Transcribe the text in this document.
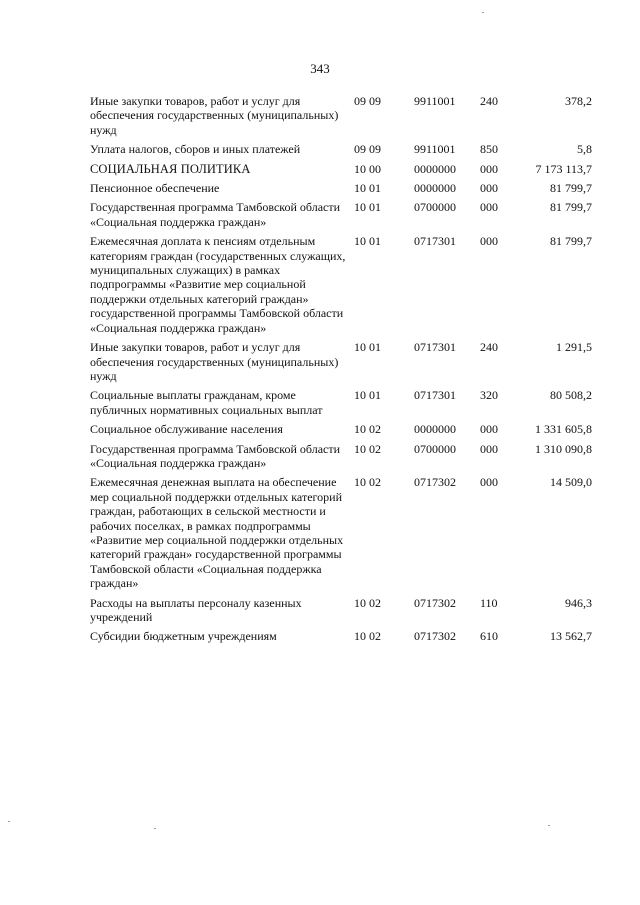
343
Иные закупки товаров, работ и услуг для обеспечения государственных (муниципальных) нужд	09 09	9911001	240	378,2
Уплата налогов, сборов и иных платежей	09 09	9911001	850	5,8
СОЦИАЛЬНАЯ ПОЛИТИКА	10 00	0000000	000	7 173 113,7
Пенсионное обеспечение	10 01	0000000	000	81 799,7
Государственная программа Тамбовской области «Социальная поддержка граждан»	10 01	0700000	000	81 799,7
Ежемесячная доплата к пенсиям отдельным категориям граждан (государственных служащих, муниципальных служащих) в рамках подпрограммы «Развитие мер социальной поддержки отдельных категорий граждан» государственной программы Тамбовской области «Социальная поддержка граждан»	10 01	0717301	000	81 799,7
Иные закупки товаров, работ и услуг для обеспечения государственных (муниципальных) нужд	10 01	0717301	240	1 291,5
Социальные выплаты гражданам, кроме публичных нормативных социальных выплат	10 01	0717301	320	80 508,2
Социальное обслуживание населения	10 02	0000000	000	1 331 605,8
Государственная программа Тамбовской области «Социальная поддержка граждан»	10 02	0700000	000	1 310 090,8
Ежемесячная денежная выплата на обеспечение мер социальной поддержки отдельных категорий граждан, работающих в сельской местности и рабочих поселках, в рамках подпрограммы «Развитие мер социальной поддержки отдельных категорий граждан» государственной программы Тамбовской области «Социальная поддержка граждан»	10 02	0717302	000	14 509,0
Расходы на выплаты персоналу казенных учреждений	10 02	0717302	110	946,3
Субсидии бюджетным учреждениям	10 02	0717302	610	13 562,7
